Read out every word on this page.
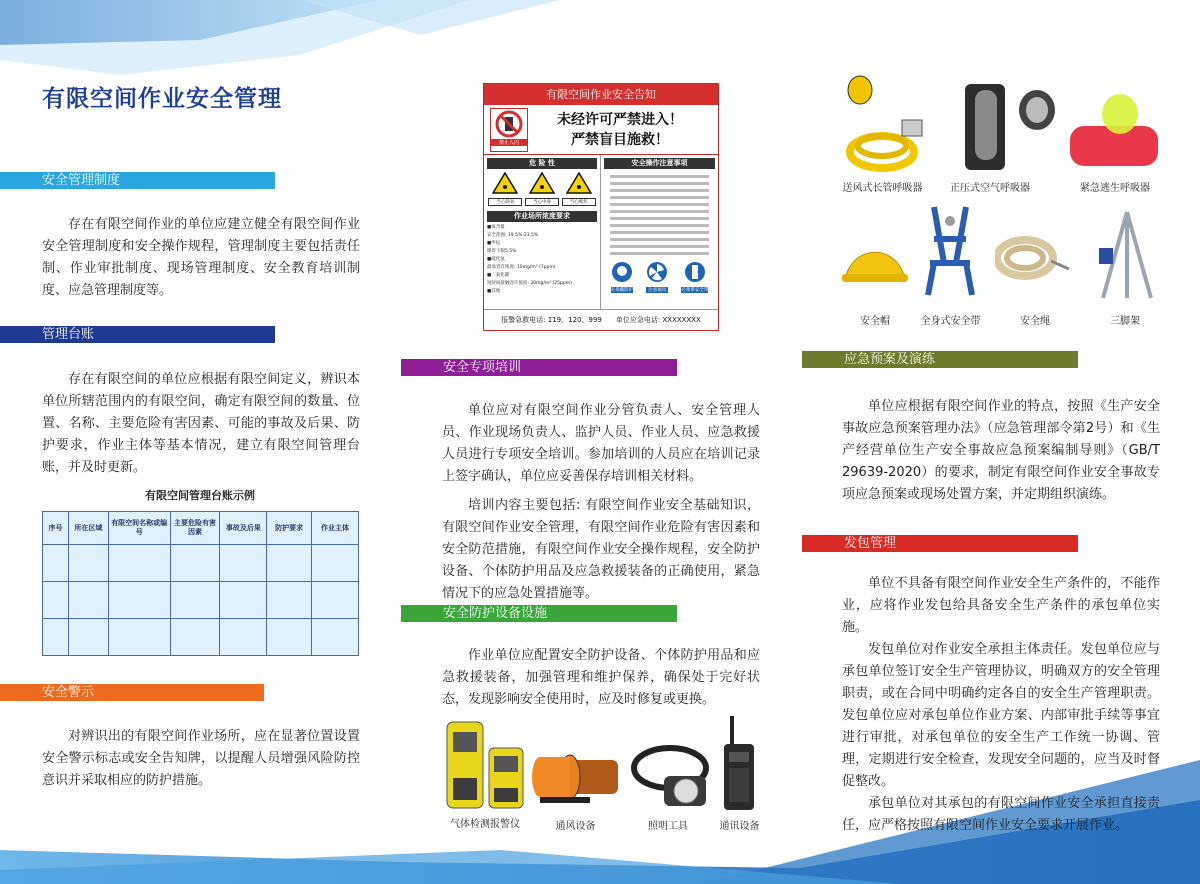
有限空间作业安全管理
安全管理制度

存在有限空间作业的单位应建立健全有限空间作业安全管理制度和安全操作规程，管理制度主要包括责任制、作业审批制度、现场管理制度、安全教育培训制度、应急管理制度等。

管理台账

存在有限空间的单位应根据有限空间定义，辨识本单位所辖范围内的有限空间，确定有限空间的数量、位置、名称、主要危险有害因素、可能的事故及后果、防护要求，作业主体等基本情况，建立有限空间管理台账，并及时更新。

有限空间管理台账示例
序号	所在区域	有限空间名称或编号	主要危险有害因素	事故及后果	防护要求	作业主体

安全警示

对辨识出的有限空间作业场所，应在显著位置设置安全警示标志或安全告知牌，以提醒人员增强风险防控意识并采取相应的防护措施。

有限空间作业安全告知
禁止入内
未经许可严禁进入！
严禁盲目施救！
危 险 性
当心缺氧	当心中毒	当心爆炸
作业场所浓度要求
■氧含量
安全范围: 19.5%-23.5%
■甲烷
爆炸下限5.5%
■硫化氢
最高容许浓度: 10mg/m³ (7ppm)
■一氧化碳
短时间接触容许浓度: 30mg/m³ (25ppm)
■其他
安全操作注意事项
必须戴防护	注意通风	必须系安全带
报警急救电话: 119、120、999　　单位应急电话: XXXXXXXX
安全专项培训

单位应对有限空间作业分管负责人、安全管理人员、作业现场负责人、监护人员、作业人员、应急救援人员进行专项安全培训。参加培训的人员应在培训记录上签字确认，单位应妥善保存培训相关材料。

培训内容主要包括: 有限空间作业安全基础知识，有限空间作业安全管理，有限空间作业危险有害因素和安全防范措施，有限空间作业安全操作规程，安全防护设备、个体防护用品及应急救援装备的正确使用，紧急情况下的应急处置措施等。

安全防护设备设施

作业单位应配置安全防护设备、个体防护用品和应急救援装备，加强管理和维护保养，确保处于完好状态，发现影响安全使用时，应及时修复或更换。

气体检测报警仪	通风设备	照明工具	通讯设备
送风式长管呼吸器	正压式空气呼吸器	紧急逃生呼吸器
安全帽	全身式安全带	安全绳	三脚架
应急预案及演练

单位应根据有限空间作业的特点，按照《生产安全事故应急预案管理办法》（应急管理部令第2号）和《生产经营单位生产安全事故应急预案编制导则》（GB/T 29639-2020）的要求，制定有限空间作业安全事故专项应急预案或现场处置方案，并定期组织演练。

发包管理

单位不具备有限空间作业安全生产条件的，不能作业，应将作业发包给具备安全生产条件的承包单位实施。

发包单位对作业安全承担主体责任。发包单位应与承包单位签订安全生产管理协议，明确双方的安全管理职责，或在合同中明确约定各自的安全生产管理职责。发包单位应对承包单位作业方案、内部审批手续等事宜进行审批，对承包单位的安全生产工作统一协调、管理，定期进行安全检查，发现安全问题的，应当及时督促整改。

承包单位对其承包的有限空间作业安全承担直接责任，应严格按照有限空间作业安全要求开展作业。
